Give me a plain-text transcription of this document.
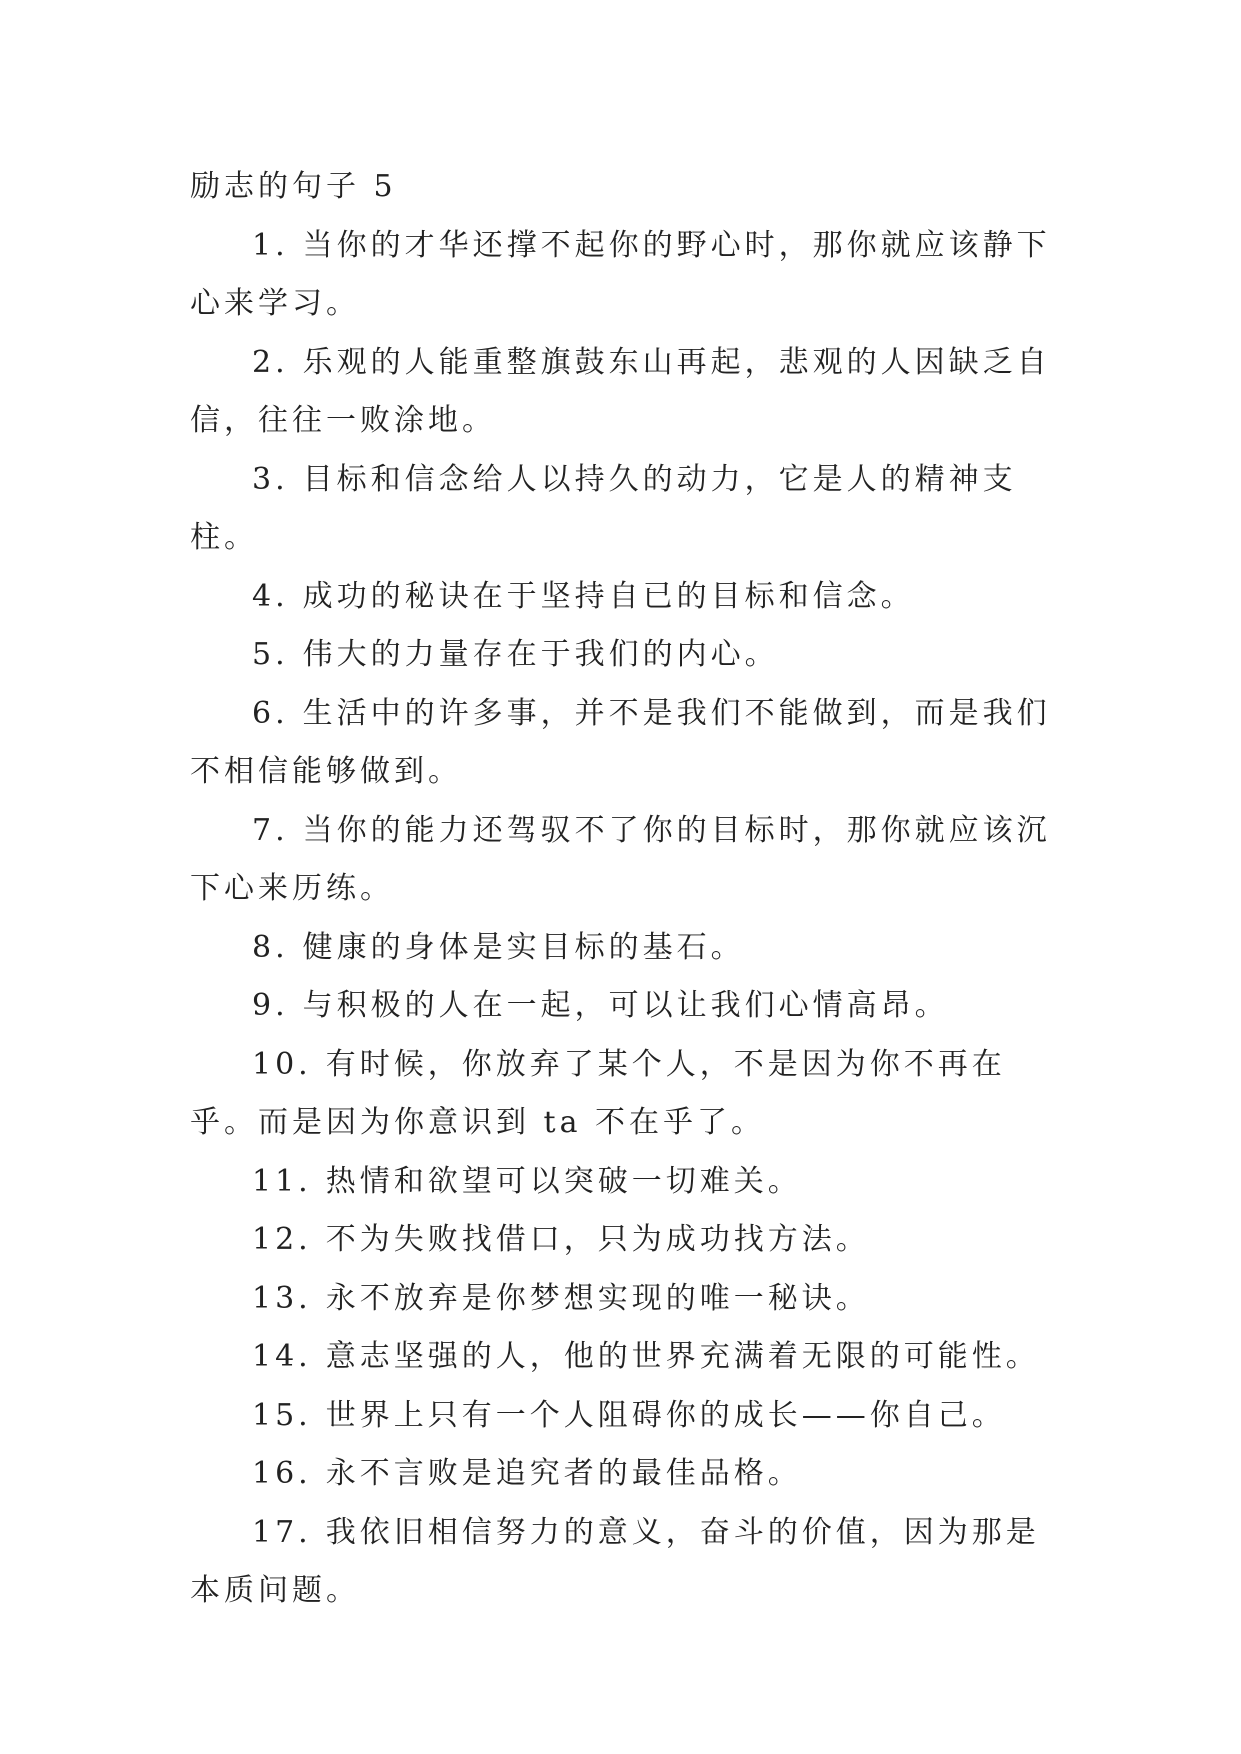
励志的句子 5

1. 当你的才华还撑不起你的野心时，那你就应该静下心来学习。

2. 乐观的人能重整旗鼓东山再起，悲观的人因缺乏自信，往往一败涂地。

3. 目标和信念给人以持久的动力，它是人的精神支柱。

4. 成功的秘诀在于坚持自已的目标和信念。

5. 伟大的力量存在于我们的内心。

6. 生活中的许多事，并不是我们不能做到，而是我们不相信能够做到。

7. 当你的能力还驾驭不了你的目标时，那你就应该沉下心来历练。

8. 健康的身体是实目标的基石。

9. 与积极的人在一起，可以让我们心情高昂。

10. 有时候，你放弃了某个人，不是因为你不再在乎。而是因为你意识到 ta 不在乎了。

11. 热情和欲望可以突破一切难关。

12. 不为失败找借口，只为成功找方法。

13. 永不放弃是你梦想实现的唯一秘诀。

14. 意志坚强的人，他的世界充满着无限的可能性。

15. 世界上只有一个人阻碍你的成长——你自己。

16. 永不言败是追究者的最佳品格。

17. 我依旧相信努力的意义，奋斗的价值，因为那是本质问题。
